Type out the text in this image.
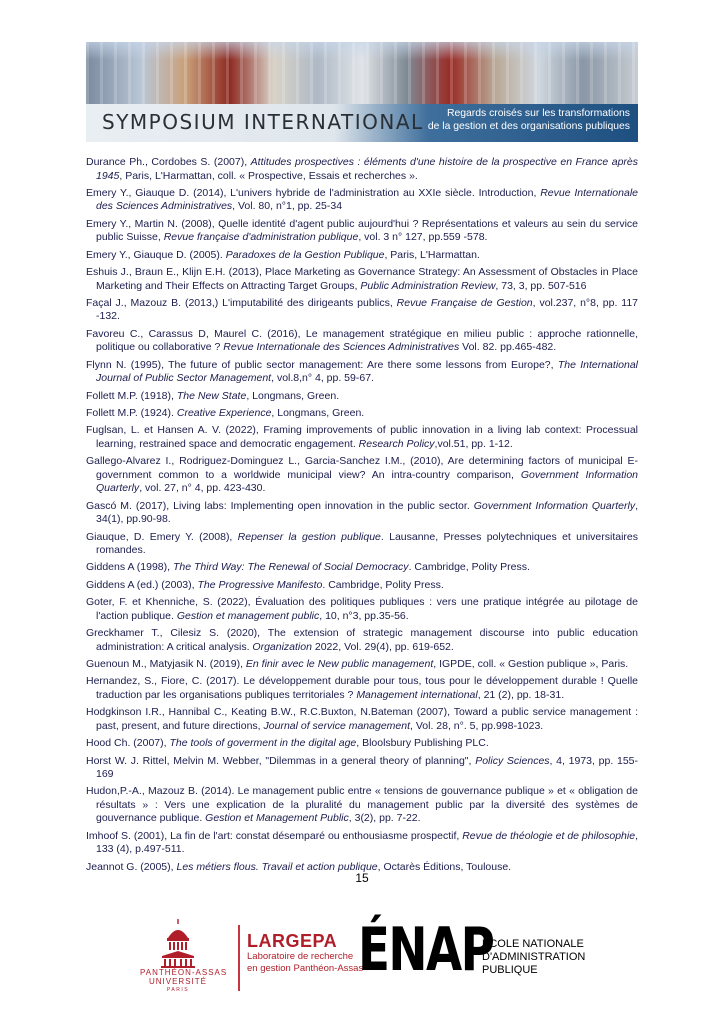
SYMPOSIUM INTERNATIONAL	Regards croisés sur les transformations
de la gestion et des organisations publiques

Durance Ph., Cordobes S. (2007), Attitudes prospectives : éléments d'une histoire de la prospective en France après 1945, Paris, L'Harmattan, coll. « Prospective, Essais et recherches ».

Emery Y., Giauque D. (2014), L'univers hybride de l'administration au XXIe siècle. Introduction, Revue Internationale des Sciences Administratives, Vol. 80, n°1, pp. 25-34

Emery Y., Martin N. (2008), Quelle identité d'agent public aujourd'hui ? Représentations et valeurs au sein du service public Suisse, Revue française d'administration publique, vol. 3 n° 127, pp.559 -578.

Emery Y., Giauque D. (2005). Paradoxes de la Gestion Publique, Paris, L'Harmattan.

Eshuis J., Braun E., Klijn E.H. (2013), Place Marketing as Governance Strategy: An Assessment of Obstacles in Place Marketing and Their Effects on Attracting Target Groups, Public Administration Review, 73, 3, pp. 507-516

Façal J., Mazouz B. (2013,) L'imputabilité des dirigeants publics, Revue Française de Gestion, vol.237, n°8, pp. 117 -132.

Favoreu C., Carassus D, Maurel C. (2016), Le management stratégique en milieu public : approche rationnelle, politique ou collaborative ? Revue Internationale des Sciences Administratives Vol. 82. pp.465-482.

Flynn N. (1995), The future of public sector management: Are there some lessons from Europe?, The International Journal of Public Sector Management, vol.8,n° 4, pp. 59-67.

Follett M.P. (1918), The New State, Longmans, Green.

Follett M.P. (1924). Creative Experience, Longmans, Green.

Fuglsan, L. et Hansen A. V. (2022), Framing improvements of public innovation in a living lab context: Processual learning, restrained space and democratic engagement. Research Policy,vol.51, pp. 1-12.

Gallego-Alvarez I., Rodriguez-Dominguez L., Garcia-Sanchez I.M., (2010), Are determining factors of municipal E-government common to a worldwide municipal view? An intra-country comparison, Government Information Quarterly, vol. 27, n° 4, pp. 423-430.

Gascó M. (2017), Living labs: Implementing open innovation in the public sector. Government Information Quarterly, 34(1), pp.90-98.

Giauque, D. Emery Y. (2008), Repenser la gestion publique. Lausanne, Presses polytechniques et universitaires romandes.

Giddens A (1998), The Third Way: The Renewal of Social Democracy. Cambridge, Polity Press.

Giddens A (ed.) (2003), The Progressive Manifesto. Cambridge, Polity Press.

Goter, F. et Khenniche, S. (2022), Évaluation des politiques publiques : vers une pratique intégrée au pilotage de l'action publique. Gestion et management public, 10, n°3, pp.35-56.

Greckhamer T., Cilesiz S. (2020), The extension of strategic management discourse into public education administration: A critical analysis. Organization 2022, Vol. 29(4), pp. 619-652.

Guenoun M., Matyjasik N. (2019), En finir avec le New public management, IGPDE, coll. « Gestion publique », Paris.

Hernandez, S., Fiore, C. (2017). Le développement durable pour tous, tous pour le développement durable ! Quelle traduction par les organisations publiques territoriales ? Management international, 21 (2), pp. 18-31.

Hodgkinson I.R., Hannibal C., Keating B.W., R.C.Buxton, N.Bateman (2007), Toward a public service management : past, present, and future directions, Journal of service management, Vol. 28, n°. 5, pp.998-1023.

Hood Ch. (2007), The tools of goverment in the digital age, Bloolsbury Publishing PLC.

Horst W. J. Rittel, Melvin M. Webber, "Dilemmas in a general theory of planning", Policy Sciences, 4, 1973, pp. 155-169

Hudon,P.-A., Mazouz B. (2014). Le management public entre « tensions de gouvernance publique » et « obligation de résultats » : Vers une explication de la pluralité du management public par la diversité des systèmes de gouvernance publique. Gestion et Management Public, 3(2), pp. 7-22.

Imhoof S. (2001), La fin de l'art: constat désemparé ou enthousiasme prospectif, Revue de théologie et de philosophie, 133 (4), p.497-511.

Jeannot G. (2005), Les métiers flous. Travail et action publique, Octarès Éditions, Toulouse.

15
PANTHÉON-ASSAS
UNIVERSITÉ
PARIS
LARGEPA
Laboratoire de recherche
en gestion Panthéon-Assas
ÉNAP
ÉCOLE NATIONALE
D'ADMINISTRATION
PUBLIQUE
